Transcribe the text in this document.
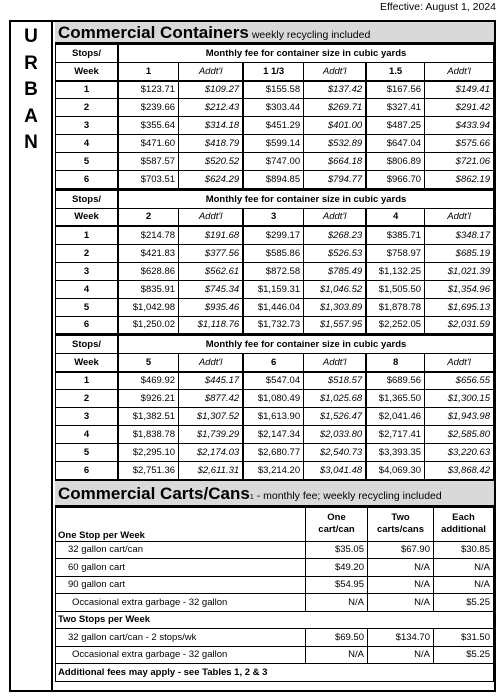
Effective: August 1, 2024
U
R
B
A
N
Commercial Containers weekly recycling included
Stops/	Monthly fee for container size in cubic yards					
Week	1	Addt'l	1 1/3	Addt'l	1.5	Addt'l
1	$123.71	$109.27	$155.58	$137.42	$167.56	$149.41
2	$239.66	$212.43	$303.44	$269.71	$327.41	$291.42
3	$355.64	$314.18	$451.29	$401.00	$487.25	$433.94
4	$471.60	$418.79	$599.14	$532.89	$647.04	$575.66
5	$587.57	$520.52	$747.00	$664.18	$806.89	$721.06
6	$703.51	$624.29	$894.85	$794.77	$966.70	$862.19
Stops/	Monthly fee for container size in cubic yards					
Week	2	Addt'l	3	Addt'l	4	Addt'l
1	$214.78	$191.68	$299.17	$268.23	$385.71	$348.17
2	$421.83	$377.56	$585.86	$526.53	$758.97	$685.19
3	$628.86	$562.61	$872.58	$785.49	$1,132.25	$1,021.39
4	$835.91	$745.34	$1,159.31	$1,046.52	$1,505.50	$1,354.96
5	$1,042.98	$935.46	$1,446.04	$1,303.89	$1,878.78	$1,695.13
6	$1,250.02	$1,118.76	$1,732.73	$1,557.95	$2,252.05	$2,031.59
Stops/	Monthly fee for container size in cubic yards					
Week	5	Addt'l	6	Addt'l	8	Addt'l
1	$469.92	$445.17	$547.04	$518.57	$689.56	$656.55
2	$926.21	$877.42	$1,080.49	$1,025.68	$1,365.50	$1,300.15
3	$1,382.51	$1,307.52	$1,613.90	$1,526.47	$2,041.46	$1,943.98
4	$1,838.78	$1,739.29	$2,147.34	$2,033.80	$2,717.41	$2,585.80
5	$2,295.10	$2,174.03	$2,680.77	$2,540.73	$3,393.35	$3,220.63
6	$2,751.36	$2,611.31	$3,214.20	$3,041.48	$4,069.30	$3,868.42
Commercial Carts/Cans$_1$ - monthly fee; weekly recycling included
One Stop per Week	One cart/can	Two carts/cans	Each additional
32 gallon cart/can	$35.05	$67.90	$30.85
60 gallon cart	$49.20	N/A	N/A
90 gallon cart	$54.95	N/A	N/A
Occasional extra garbage - 32 gallon	N/A	N/A	$5.25
Two Stops per Week			
32 gallon cart/can - 2 stops/wk	$69.50	$134.70	$31.50
Occasional extra garbage - 32 gallon	N/A	N/A	$5.25
Additional fees may apply - see Tables 1, 2 & 3			
